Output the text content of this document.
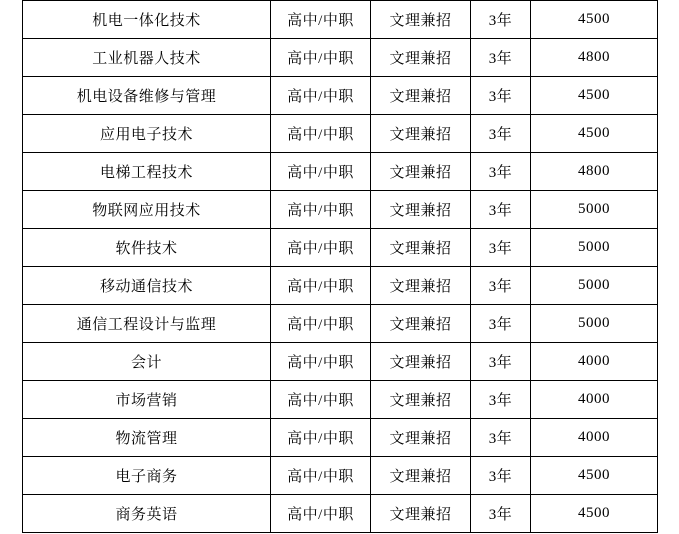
机电一体化技术	高中/中职	文理兼招	3年	4500
工业机器人技术	高中/中职	文理兼招	3年	4800
机电设备维修与管理	高中/中职	文理兼招	3年	4500
应用电子技术	高中/中职	文理兼招	3年	4500
电梯工程技术	高中/中职	文理兼招	3年	4800
物联网应用技术	高中/中职	文理兼招	3年	5000
软件技术	高中/中职	文理兼招	3年	5000
移动通信技术	高中/中职	文理兼招	3年	5000
通信工程设计与监理	高中/中职	文理兼招	3年	5000
会计	高中/中职	文理兼招	3年	4000
市场营销	高中/中职	文理兼招	3年	4000
物流管理	高中/中职	文理兼招	3年	4000
电子商务	高中/中职	文理兼招	3年	4500
商务英语	高中/中职	文理兼招	3年	4500
